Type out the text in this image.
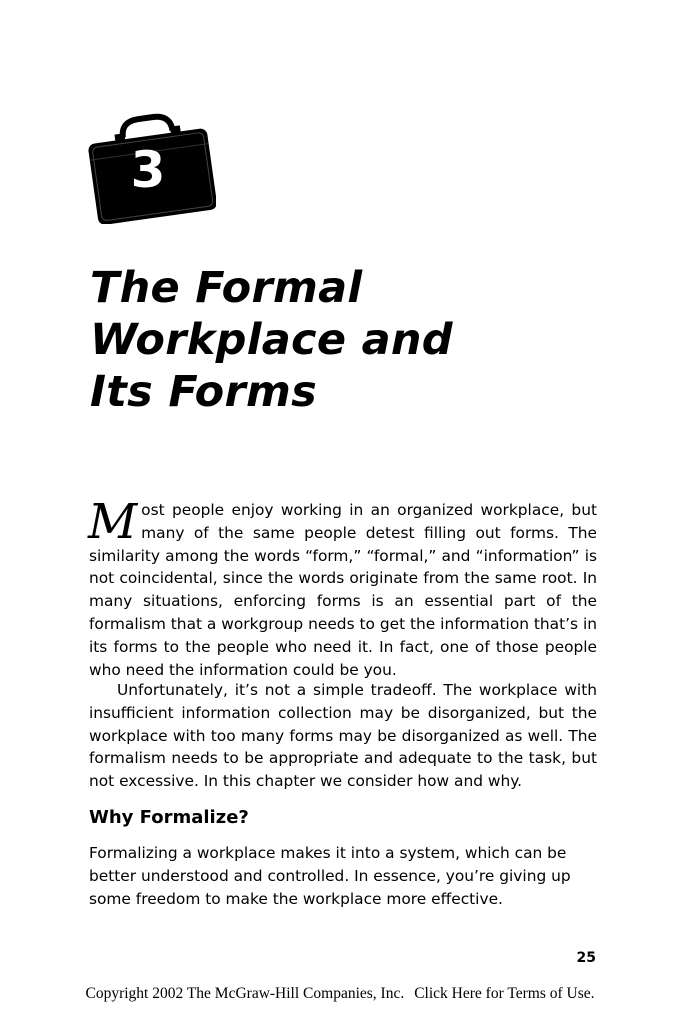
3
The Formal
Workplace and
Its Forms
Most people enjoy working in an organized workplace, but many of the same people detest filling out forms. The similarity among the words “form,” “formal,” and “information” is not coincidental, since the words originate from the same root. In many situations, enforcing forms is an essential part of the formalism that a workgroup needs to get the information that’s in its forms to the people who need it. In fact, one of those people who need the information could be you.

Unfortunately, it’s not a simple tradeoff. The workplace with insufficient information collection may be disorganized, but the workplace with too many forms may be disorganized as well. The formalism needs to be appropriate and adequate to the task, but not excessive. In this chapter we consider how and why.

Why Formalize?
Formalizing a workplace makes it into a system, which can be better understood and controlled. In essence, you’re giving up some freedom to make the workplace more effective.
25
Copyright 2002 The McGraw-Hill Companies, Inc. Click Here for Terms of Use.
